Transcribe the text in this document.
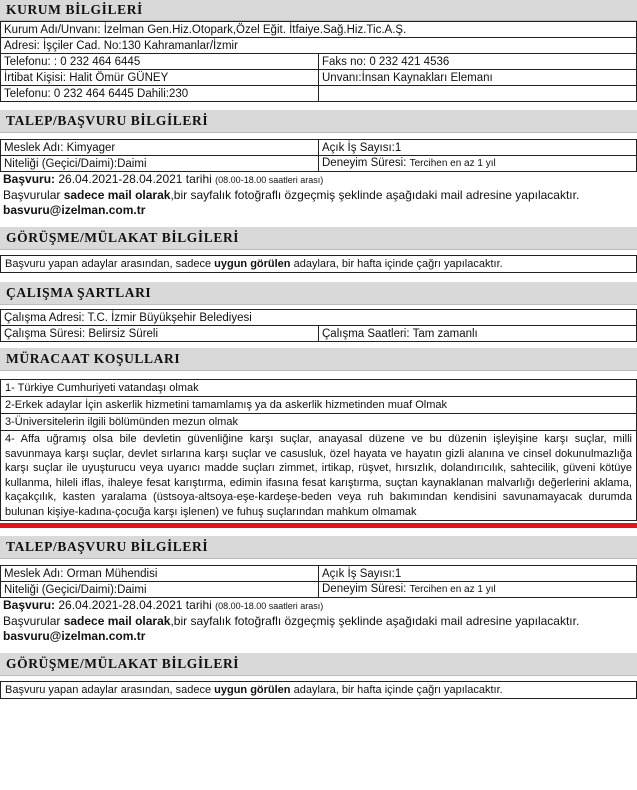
KURUM BİLGİLERİ
Kurum Adı/Unvanı: İzelman Gen.Hiz.Otopark,Özel Eğit. İtfaiye.Sağ.Hiz.Tic.A.Ş.	
Adresi: İşçiler Cad. No:130 Kahramanlar/İzmir	
Telefonu: : 0 232 464 6445	Faks no: 0 232 421 4536
İrtibat Kişisi: Halit Ömür GÜNEY	Unvanı:İnsan Kaynakları Elemanı
Telefonu: 0 232 464 6445 Dahili:230	
TALEP/BAŞVURU BİLGİLERİ
Meslek Adı: Kimyager	Açık İş Sayısı:1
Niteliği (Geçici/Daimi):Daimi	Deneyim Süresi: Tercihen en az 1 yıl
Başvuru: 26.04.2021-28.04.2021 tarihi (08.00-18.00 saatleri arası)
Başvurular sadece mail olarak,bir sayfalık fotoğraflı özgeçmiş şeklinde aşağıdaki mail adresine yapılacaktır.
basvuru@izelman.com.tr
GÖRÜŞME/MÜLAKAT BİLGİLERİ
Başvuru yapan adaylar arasından, sadece uygun görülen adaylara, bir hafta içinde çağrı yapılacaktır.
ÇALIŞMA ŞARTLARI
Çalışma Adresi: T.C. İzmir Büyükşehir Belediyesi
Çalışma Süresi: Belirsiz Süreli	Çalışma Saatleri: Tam zamanlı
MÜRACAAT KOŞULLARI
1- Türkiye Cumhuriyeti vatandaşı olmak
2-Erkek adaylar İçin askerlik hizmetini tamamlamış ya da askerlik hizmetinden muaf Olmak
3-Üniversitelerin ilgili bölümünden mezun olmak
4- Affa uğramış olsa bile devletin güvenliğine karşı suçlar, anayasal düzene ve bu düzenin işleyişine karşı suçlar, milli savunmaya karşı suçlar, devlet sırlarına karşı suçlar ve casusluk, özel hayata ve hayatın gizli alanına ve cinsel dokunulmazlığa karşı suçlar ile uyuşturucu veya uyarıcı madde suçları zimmet, irtikap, rüşvet, hırsızlık, dolandırıcılık, sahtecilik, güveni kötüye kullanma, hileli iflas, ihaleye fesat karıştırma, edimin ifasına fesat karıştırma, suçtan kaynaklanan malvarlığı değerlerini aklama, kaçakçılık, kasten yaralama (üstsoya-altsoya-eşe-kardeşe-beden veya ruh bakımından kendisini savunamayacak durumda bulunan kişiye-kadına-çocuğa karşı işlenen) ve fuhuş suçlarından mahkum olmamak
TALEP/BAŞVURU BİLGİLERİ
Meslek Adı: Orman Mühendisi	Açık İş Sayısı:1
Niteliği (Geçici/Daimi):Daimi	Deneyim Süresi: Tercihen en az 1 yıl
Başvuru: 26.04.2021-28.04.2021 tarihi (08.00-18.00 saatleri arası)
Başvurular sadece mail olarak,bir sayfalık fotoğraflı özgeçmiş şeklinde aşağıdaki mail adresine yapılacaktır.
basvuru@izelman.com.tr
GÖRÜŞME/MÜLAKAT BİLGİLERİ
Başvuru yapan adaylar arasından, sadece uygun görülen adaylara, bir hafta içinde çağrı yapılacaktır.
